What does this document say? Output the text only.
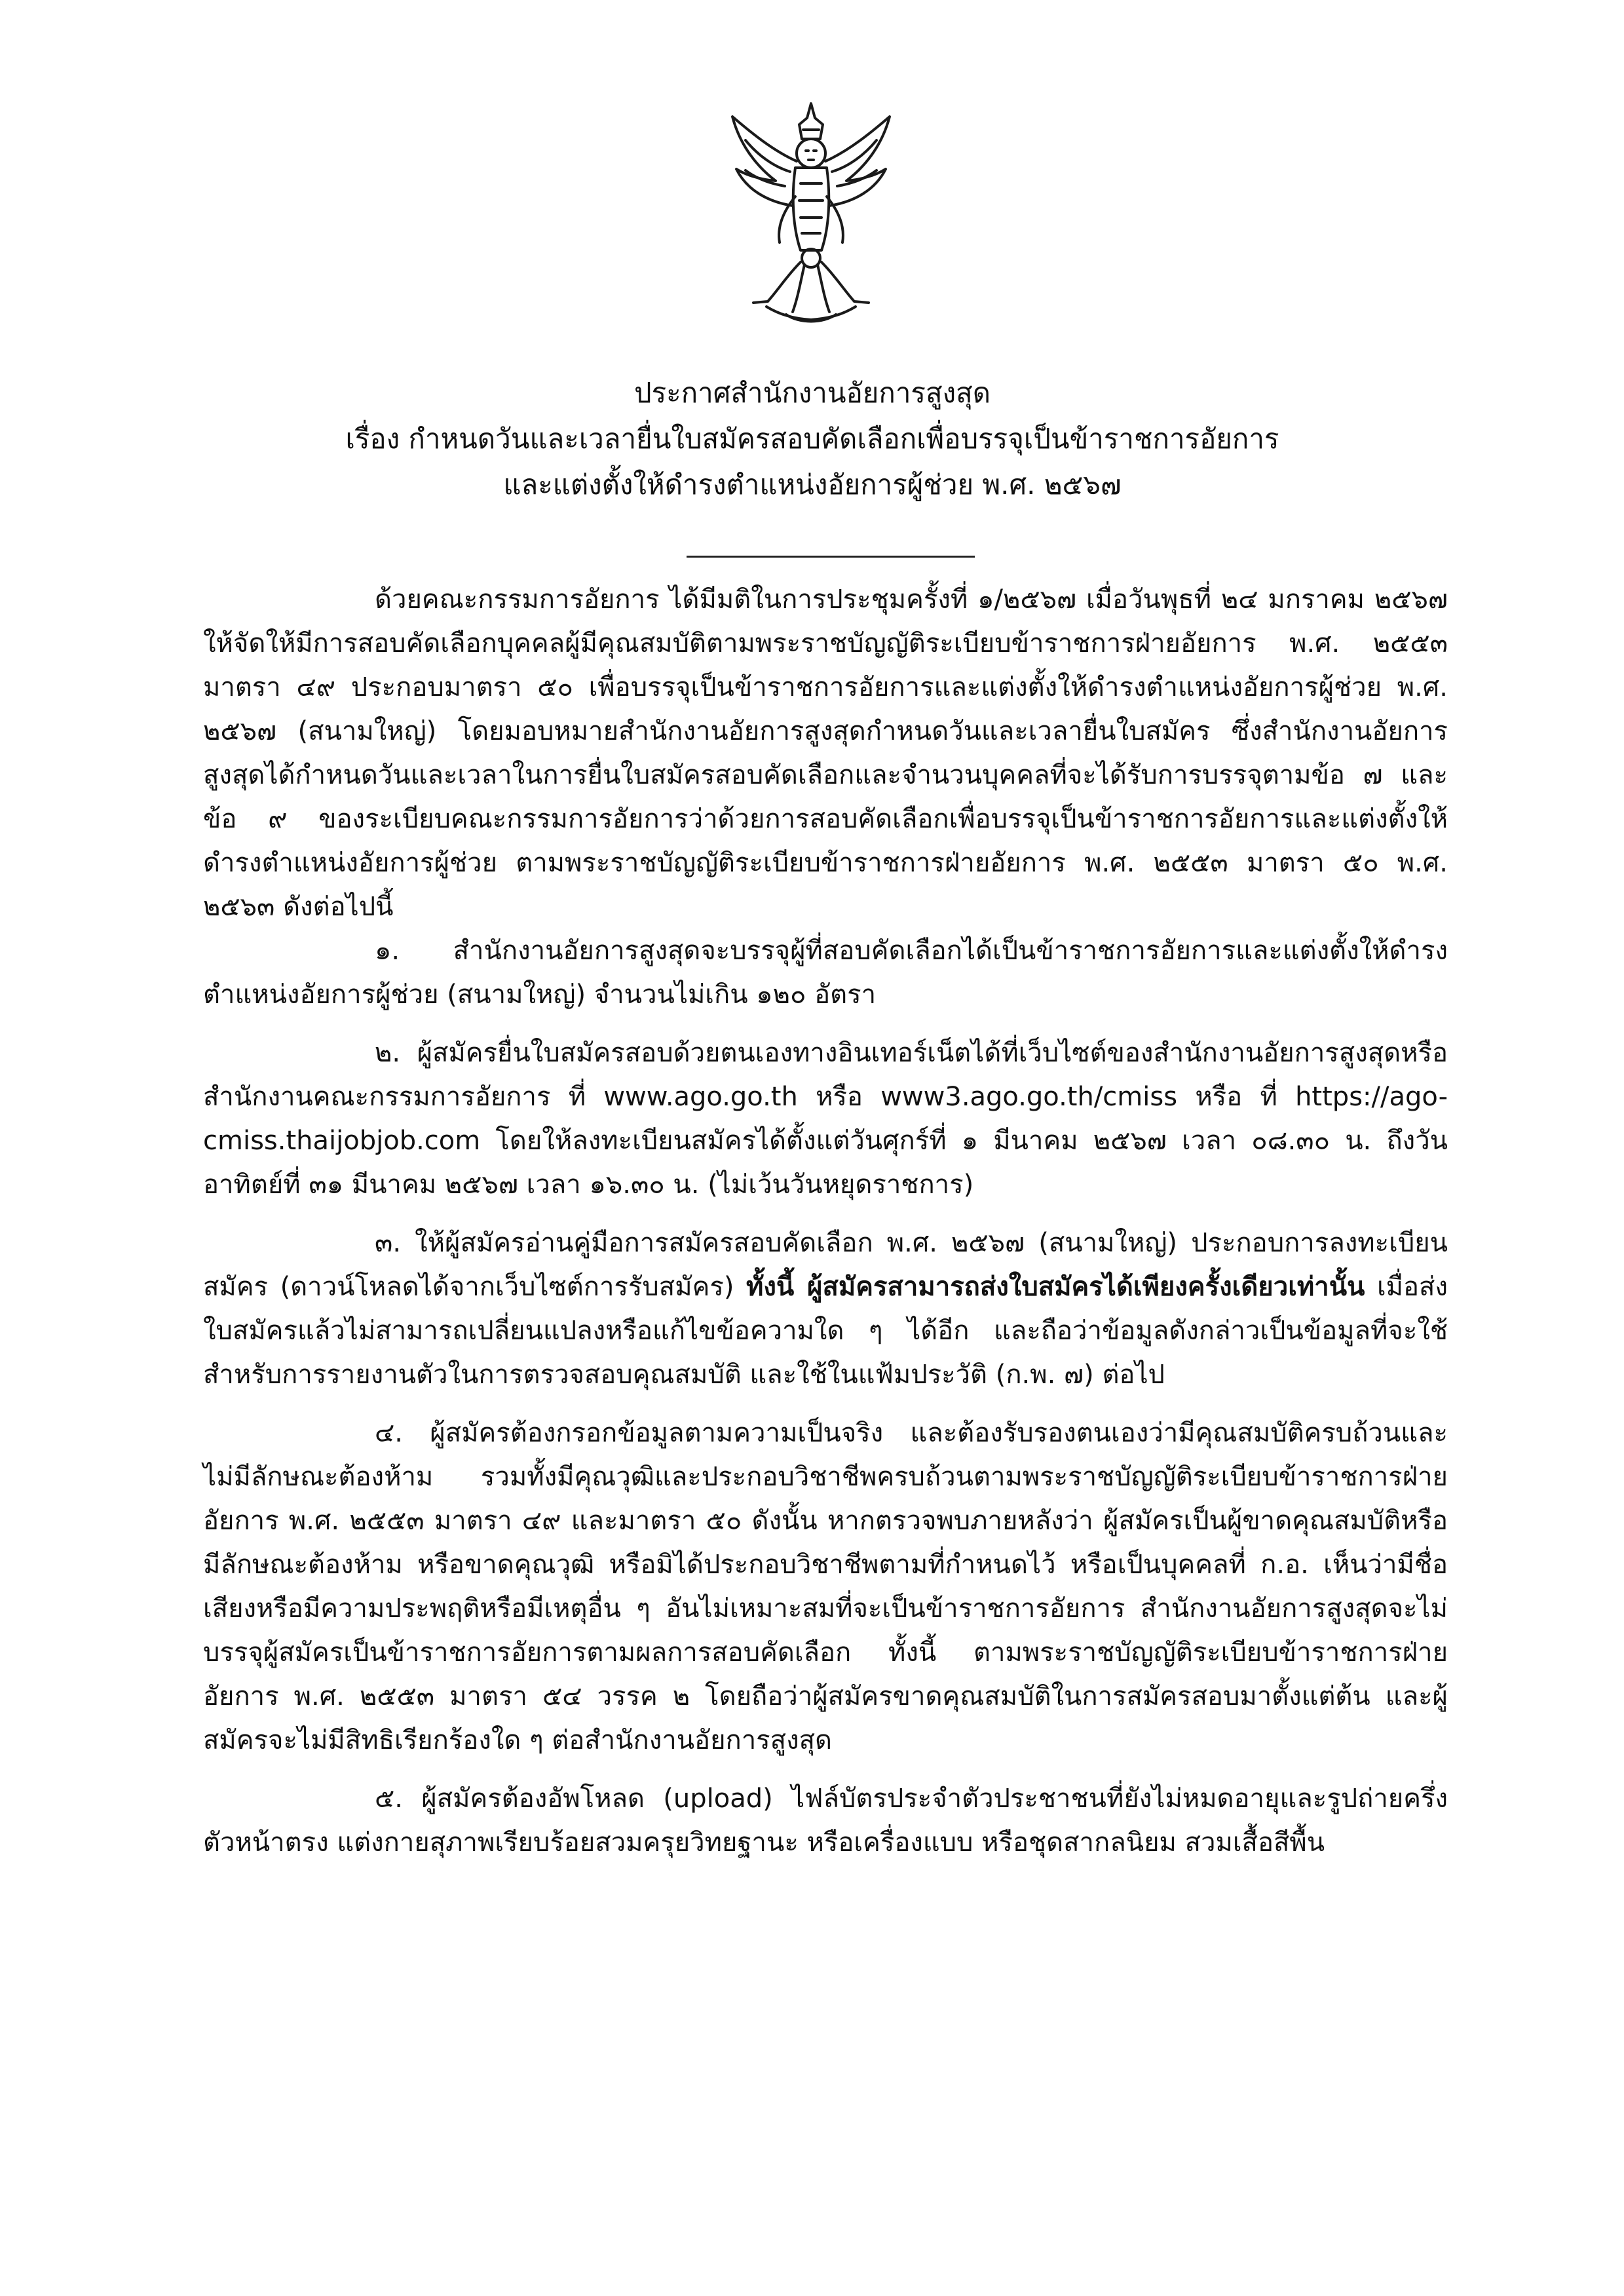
ประกาศสำนักงานอัยการสูงสุด
เรื่อง กำหนดวันและเวลายื่นใบสมัครสอบคัดเลือกเพื่อบรรจุเป็นข้าราชการอัยการ
และแต่งตั้งให้ดำรงตำแหน่งอัยการผู้ช่วย พ.ศ. ๒๕๖๗

ด้วยคณะกรรมการอัยการ ได้มีมติในการประชุมครั้งที่ ๑/๒๕๖๗ เมื่อวันพุธที่ ๒๔ มกราคม ๒๕๖๗ ให้จัดให้มีการสอบคัดเลือกบุคคลผู้มีคุณสมบัติตามพระราชบัญญัติระเบียบข้าราชการฝ่ายอัยการ พ.ศ. ๒๕๕๓ มาตรา ๔๙ ประกอบมาตรา ๕๐ เพื่อบรรจุเป็นข้าราชการอัยการและแต่งตั้งให้ดำรงตำแหน่งอัยการผู้ช่วย พ.ศ. ๒๕๖๗ (สนามใหญ่) โดยมอบหมายสำนักงานอัยการสูงสุดกำหนดวันและเวลายื่นใบสมัคร ซึ่งสำนักงานอัยการสูงสุดได้กำหนดวันและเวลาในการยื่นใบสมัครสอบคัดเลือกและจำนวนบุคคลที่จะได้รับการบรรจุตามข้อ ๗ และข้อ ๙ ของระเบียบคณะกรรมการอัยการว่าด้วยการสอบคัดเลือกเพื่อบรรจุเป็นข้าราชการอัยการและแต่งตั้งให้ดำรงตำแหน่งอัยการผู้ช่วย ตามพระราชบัญญัติระเบียบข้าราชการฝ่ายอัยการ พ.ศ. ๒๕๕๓ มาตรา ๕๐ พ.ศ. ๒๕๖๓ ดังต่อไปนี้

๑. สำนักงานอัยการสูงสุดจะบรรจุผู้ที่สอบคัดเลือกได้เป็นข้าราชการอัยการและแต่งตั้งให้ดำรงตำแหน่งอัยการผู้ช่วย (สนามใหญ่) จำนวนไม่เกิน ๑๒๐ อัตรา

๒. ผู้สมัครยื่นใบสมัครสอบด้วยตนเองทางอินเทอร์เน็ตได้ที่เว็บไซต์ของสำนักงานอัยการสูงสุดหรือสำนักงานคณะกรรมการอัยการ ที่ www.ago.go.th หรือ www3.ago.go.th/cmiss หรือ ที่ https://ago-cmiss.thaijobjob.com โดยให้ลงทะเบียนสมัครได้ตั้งแต่วันศุกร์ที่ ๑ มีนาคม ๒๕๖๗ เวลา ๐๘.๓๐ น. ถึงวันอาทิตย์ที่ ๓๑ มีนาคม ๒๕๖๗ เวลา ๑๖.๓๐ น. (ไม่เว้นวันหยุดราชการ)

๓. ให้ผู้สมัครอ่านคู่มือการสมัครสอบคัดเลือก พ.ศ. ๒๕๖๗ (สนามใหญ่) ประกอบการลงทะเบียนสมัคร (ดาวน์โหลดได้จากเว็บไซต์การรับสมัคร) ทั้งนี้ ผู้สมัครสามารถส่งใบสมัครได้เพียงครั้งเดียวเท่านั้น เมื่อส่งใบสมัครแล้วไม่สามารถเปลี่ยนแปลงหรือแก้ไขข้อความใด ๆ ได้อีก และถือว่าข้อมูลดังกล่าวเป็นข้อมูลที่จะใช้สำหรับการรายงานตัวในการตรวจสอบคุณสมบัติ และใช้ในแฟ้มประวัติ (ก.พ. ๗) ต่อไป

๔. ผู้สมัครต้องกรอกข้อมูลตามความเป็นจริง และต้องรับรองตนเองว่ามีคุณสมบัติครบถ้วนและไม่มีลักษณะต้องห้าม รวมทั้งมีคุณวุฒิและประกอบวิชาชีพครบถ้วนตามพระราชบัญญัติระเบียบข้าราชการฝ่ายอัยการ พ.ศ. ๒๕๕๓ มาตรา ๔๙ และมาตรา ๕๐ ดังนั้น หากตรวจพบภายหลังว่า ผู้สมัครเป็นผู้ขาดคุณสมบัติหรือมีลักษณะต้องห้าม หรือขาดคุณวุฒิ หรือมิได้ประกอบวิชาชีพตามที่กำหนดไว้ หรือเป็นบุคคลที่ ก.อ. เห็นว่ามีชื่อเสียงหรือมีความประพฤติหรือมีเหตุอื่น ๆ อันไม่เหมาะสมที่จะเป็นข้าราชการอัยการ สำนักงานอัยการสูงสุดจะไม่บรรจุผู้สมัครเป็นข้าราชการอัยการตามผลการสอบคัดเลือก ทั้งนี้ ตามพระราชบัญญัติระเบียบข้าราชการฝ่ายอัยการ พ.ศ. ๒๕๕๓ มาตรา ๕๔ วรรค ๒ โดยถือว่าผู้สมัครขาดคุณสมบัติในการสมัครสอบมาตั้งแต่ต้น และผู้สมัครจะไม่มีสิทธิเรียกร้องใด ๆ ต่อสำนักงานอัยการสูงสุด

๕. ผู้สมัครต้องอัพโหลด (upload) ไฟล์บัตรประจำตัวประชาชนที่ยังไม่หมดอายุและรูปถ่ายครึ่งตัวหน้าตรง แต่งกายสุภาพเรียบร้อยสวมครุยวิทยฐานะ หรือเครื่องแบบ หรือชุดสากลนิยม สวมเสื้อสีพื้น
